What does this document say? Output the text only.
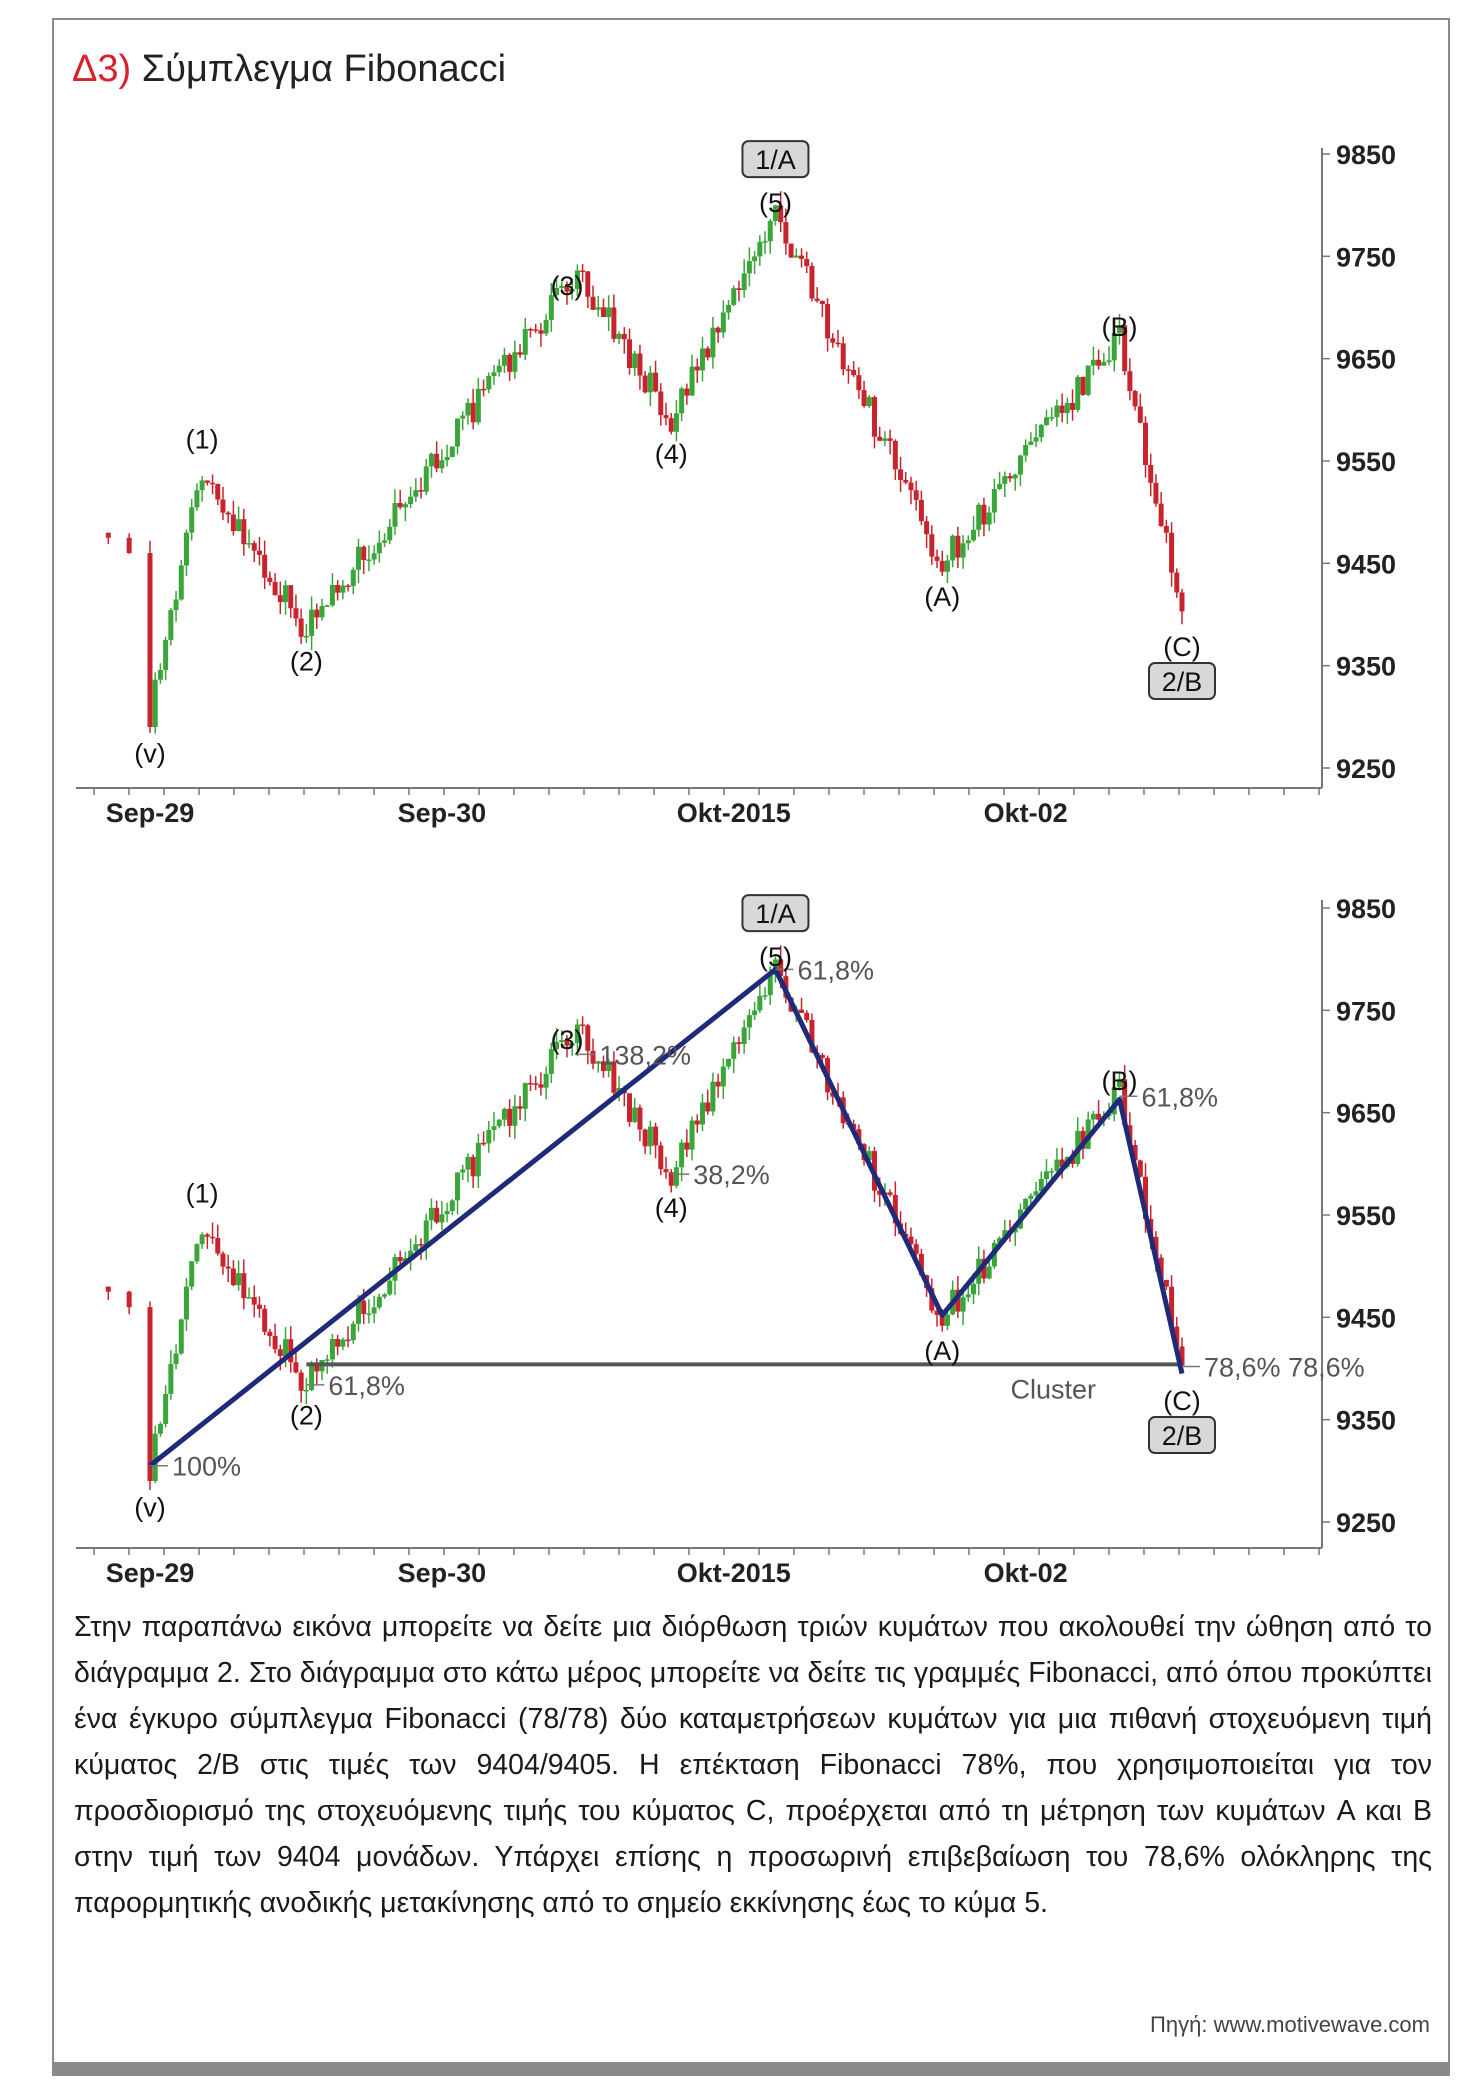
Δ3) Σύμπλεγμα Fibonacci
9850
9750
9650
9550
9450
9350
9250
Sep-29	Sep-30	Okt-2015	Okt-02
(v)
(1)
(2)
(3)
(4)
(5)
(A)
(B)
(C)
1/A
2/B
9850
9750
9650
9550
9450
9350
9250
Sep-29	Sep-30	Okt-2015	Okt-02
Cluster
100%
61,8%
138,2%
38,2%
61,8%
61,8%
78,6% 78,6%
(v)
(1)
(2)
(3)
(4)
(5)
(A)
(B)
(C)
1/A
2/B
Στην παραπάνω εικόνα μπορείτε να δείτε μια διόρθωση τριών κυμάτων που ακολουθεί την ώθηση από το διάγραμμα 2. Στο διάγραμμα στο κάτω μέρος μπορείτε να δείτε τις γραμμές Fibonacci, από όπου προκύπτει ένα έγκυρο σύμπλεγμα Fibonacci (78/78) δύο καταμετρήσεων κυμάτων για μια πιθανή στοχευόμενη τιμή κύματος 2/B στις τιμές των 9404/9405. Η επέκταση Fibonacci 78%, που χρησιμοποιείται για τον προσδιορισμό της στοχευόμενης τιμής του κύματος C, προέρχεται από τη μέτρηση των κυμάτων A και B στην τιμή των 9404 μονάδων. Υπάρχει επίσης η προσωρινή επιβεβαίωση του 78,6% ολόκληρης της παρορμητικής ανοδικής μετακίνησης από το σημείο εκκίνησης έως το κύμα 5.
Πηγή: www.motivewave.com
